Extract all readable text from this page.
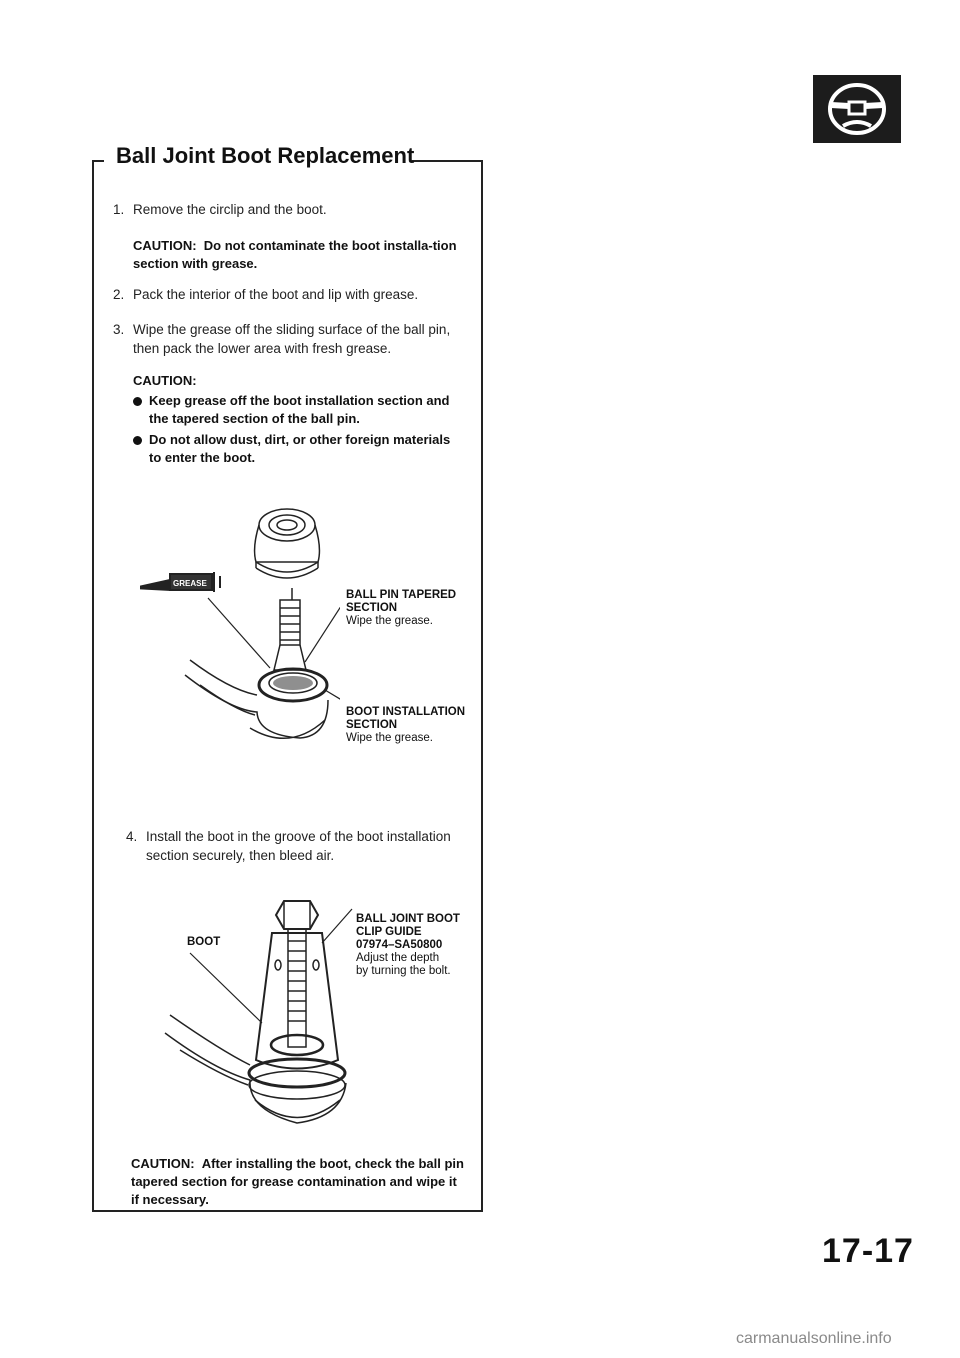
Ball Joint Boot Replacement
1. Remove the circlip and the boot.
CAUTION: Do not contaminate the boot installa-tion section with grease.
2. Pack the interior of the boot and lip with grease.
3. Wipe the grease off the sliding surface of the ball pin, then pack the lower area with fresh grease.
CAUTION:
Keep grease off the boot installation section and the tapered section of the ball pin.
Do not allow dust, dirt, or other foreign materials to enter the boot.
GREASE
BALL PIN TAPERED
SECTION
Wipe the grease.
BOOT INSTALLATION
SECTION
Wipe the grease.
4. Install the boot in the groove of the boot installation section securely, then bleed air.
BOOT
BALL JOINT BOOT
CLIP GUIDE
07974–SA50800
Adjust the depth
by turning the bolt.
CAUTION: After installing the boot, check the ball pin tapered section for grease contamination and wipe it if necessary.
17-17
carmanualsonline.info
